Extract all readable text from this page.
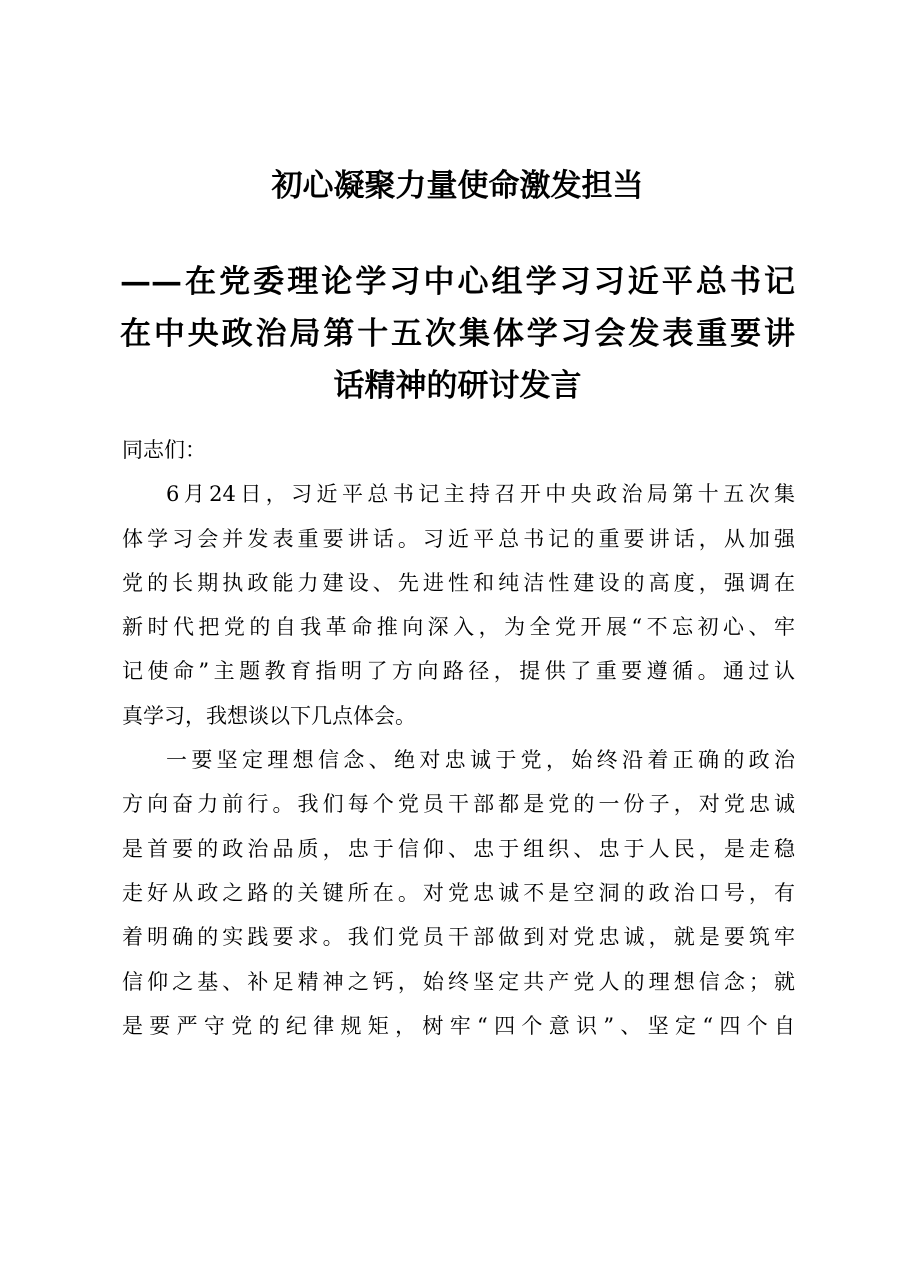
初心凝聚力量使命激发担当
——在党委理论学习中心组学习习近平总书记
在中央政治局第十五次集体学习会发表重要讲
话精神的研讨发言
同志们：
6月24日，习近平总书记主持召开中央政治局第十五次集
体学习会并发表重要讲话。习近平总书记的重要讲话，从加强
党的长期执政能力建设、先进性和纯洁性建设的高度，强调在
新时代把党的自我革命推向深入，为全党开展“不忘初心、牢
记使命”主题教育指明了方向路径，提供了重要遵循。通过认
真学习，我想谈以下几点体会。
一要坚定理想信念、绝对忠诚于党，始终沿着正确的政治
方向奋力前行。我们每个党员干部都是党的一份子，对党忠诚
是首要的政治品质，忠于信仰、忠于组织、忠于人民，是走稳
走好从政之路的关键所在。对党忠诚不是空洞的政治口号，有
着明确的实践要求。我们党员干部做到对党忠诚，就是要筑牢
信仰之基、补足精神之钙，始终坚定共产党人的理想信念；就
是要严守党的纪律规矩，树牢“四个意识”、坚定“四个自
